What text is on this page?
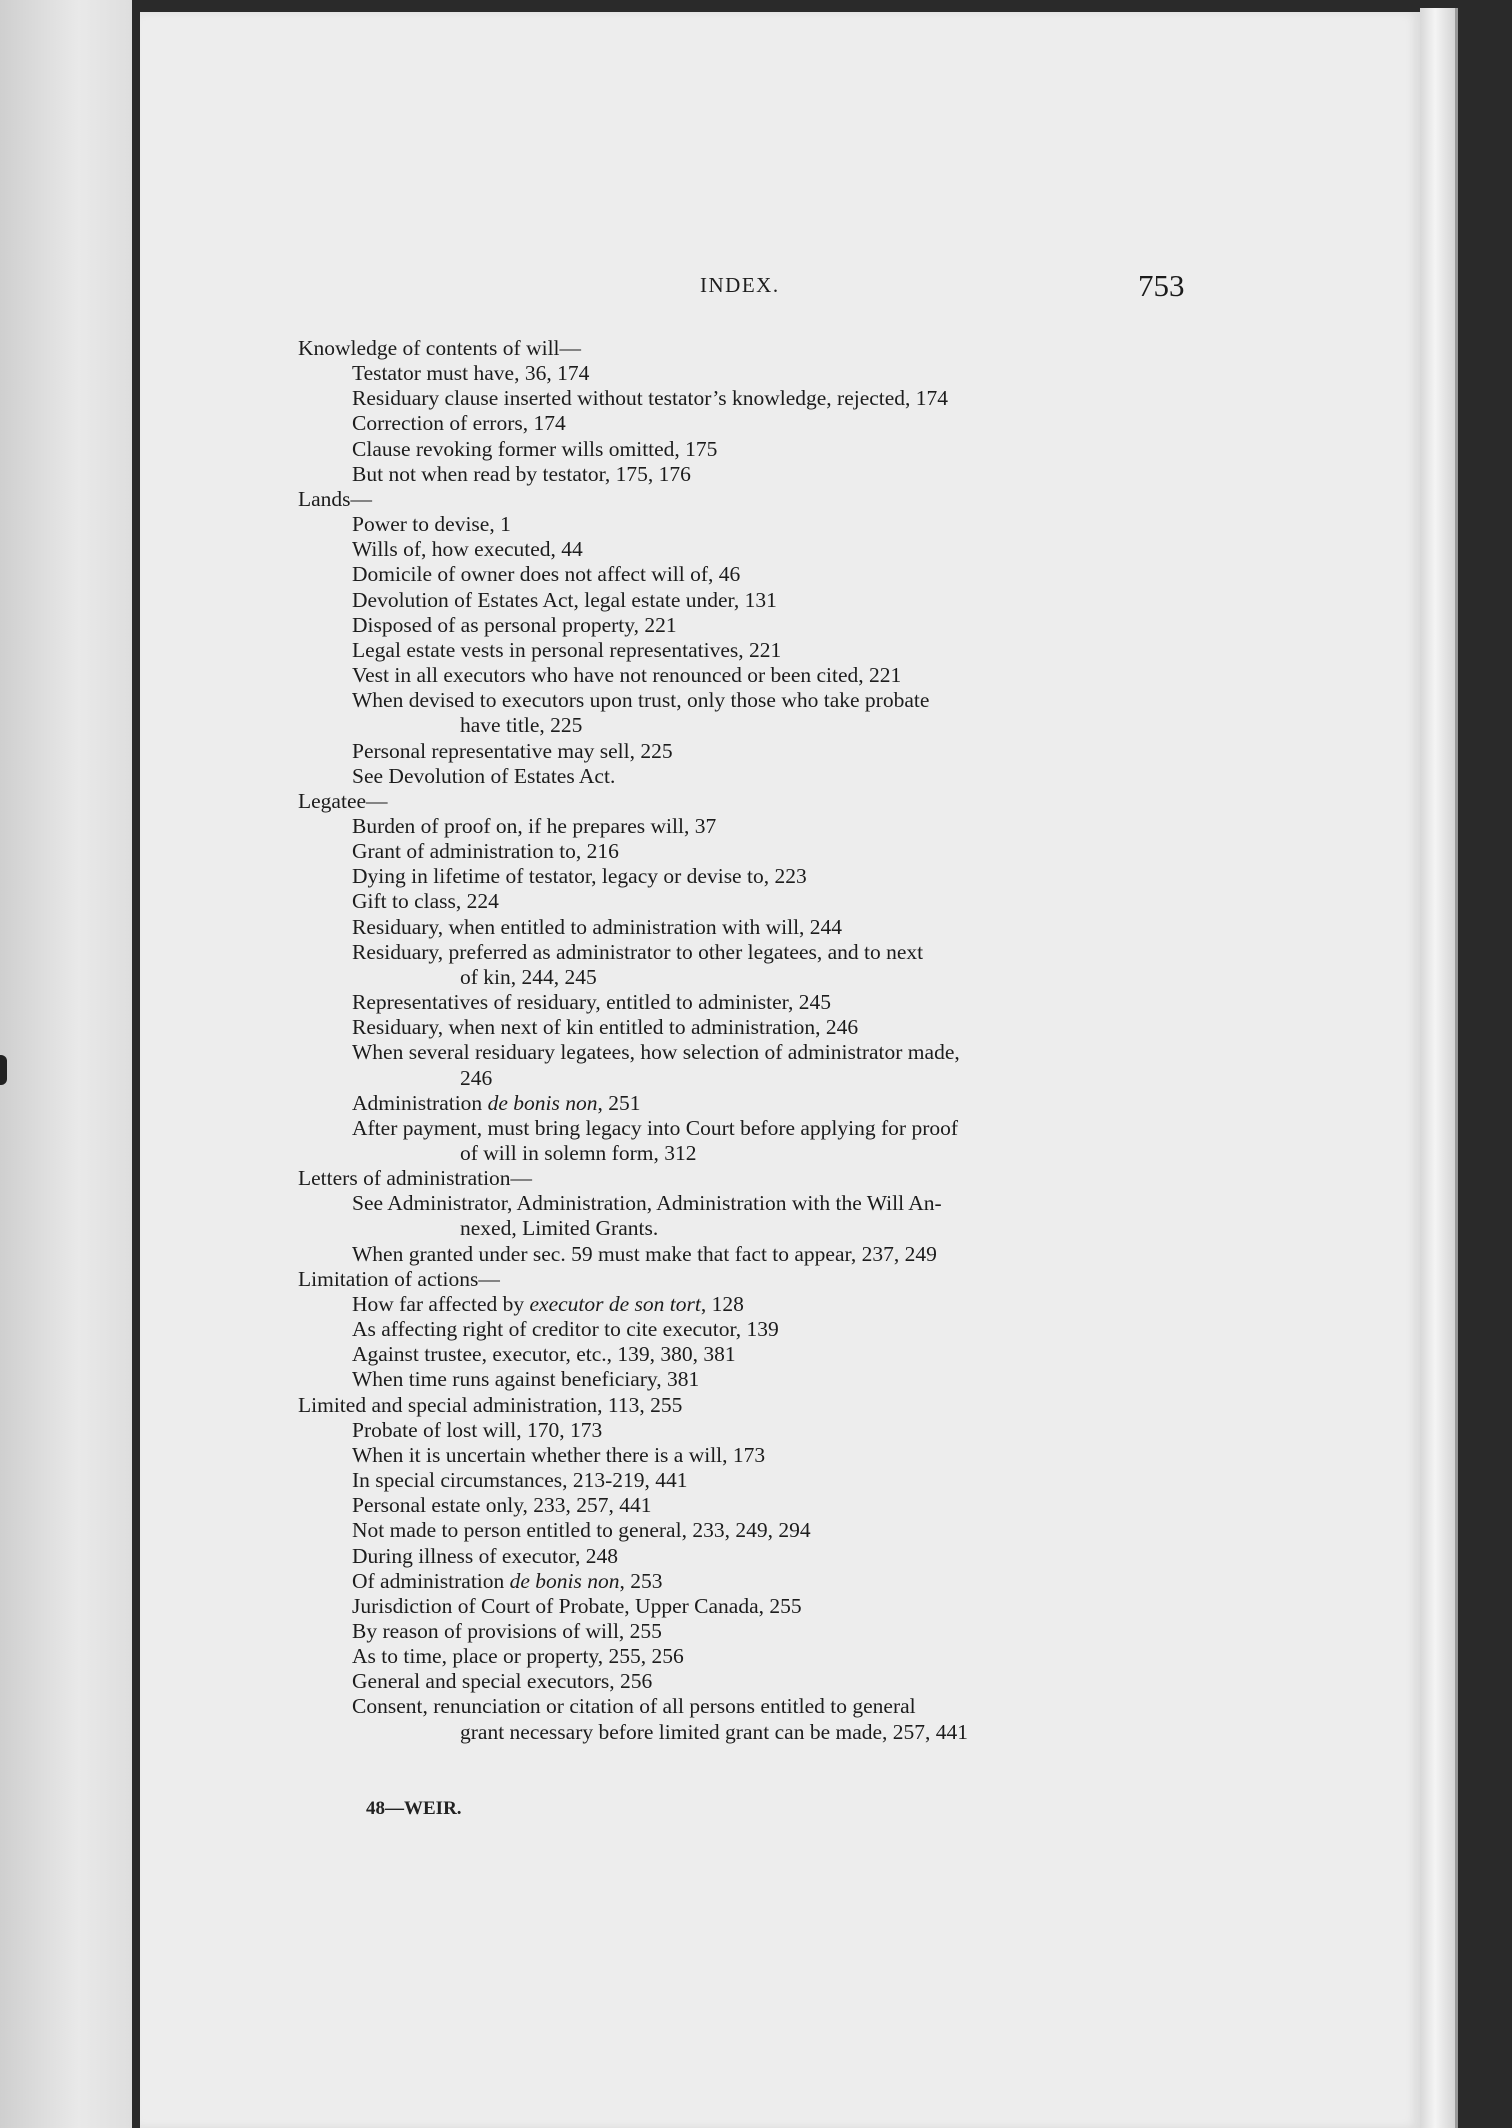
INDEX.	753
Knowledge of contents of will—
Testator must have, 36, 174
Residuary clause inserted without testator’s knowledge, rejected, 174
Correction of errors, 174
Clause revoking former wills omitted, 175
But not when read by testator, 175, 176
Lands—
Power to devise, 1
Wills of, how executed, 44
Domicile of owner does not affect will of, 46
Devolution of Estates Act, legal estate under, 131
Disposed of as personal property, 221
Legal estate vests in personal representatives, 221
Vest in all executors who have not renounced or been cited, 221
When devised to executors upon trust, only those who take probate
have title, 225
Personal representative may sell, 225
See Devolution of Estates Act.
Legatee—
Burden of proof on, if he prepares will, 37
Grant of administration to, 216
Dying in lifetime of testator, legacy or devise to, 223
Gift to class, 224
Residuary, when entitled to administration with will, 244
Residuary, preferred as administrator to other legatees, and to next
of kin, 244, 245
Representatives of residuary, entitled to administer, 245
Residuary, when next of kin entitled to administration, 246
When several residuary legatees, how selection of administrator made,
246
Administration de bonis non, 251
After payment, must bring legacy into Court before applying for proof
of will in solemn form, 312
Letters of administration—
See Administrator, Administration, Administration with the Will An-
nexed, Limited Grants.
When granted under sec. 59 must make that fact to appear, 237, 249
Limitation of actions—
How far affected by executor de son tort, 128
As affecting right of creditor to cite executor, 139
Against trustee, executor, etc., 139, 380, 381
When time runs against beneficiary, 381
Limited and special administration, 113, 255
Probate of lost will, 170, 173
When it is uncertain whether there is a will, 173
In special circumstances, 213-219, 441
Personal estate only, 233, 257, 441
Not made to person entitled to general, 233, 249, 294
During illness of executor, 248
Of administration de bonis non, 253
Jurisdiction of Court of Probate, Upper Canada, 255
By reason of provisions of will, 255
As to time, place or property, 255, 256
General and special executors, 256
Consent, renunciation or citation of all persons entitled to general
grant necessary before limited grant can be made, 257, 441
48—WEIR.
